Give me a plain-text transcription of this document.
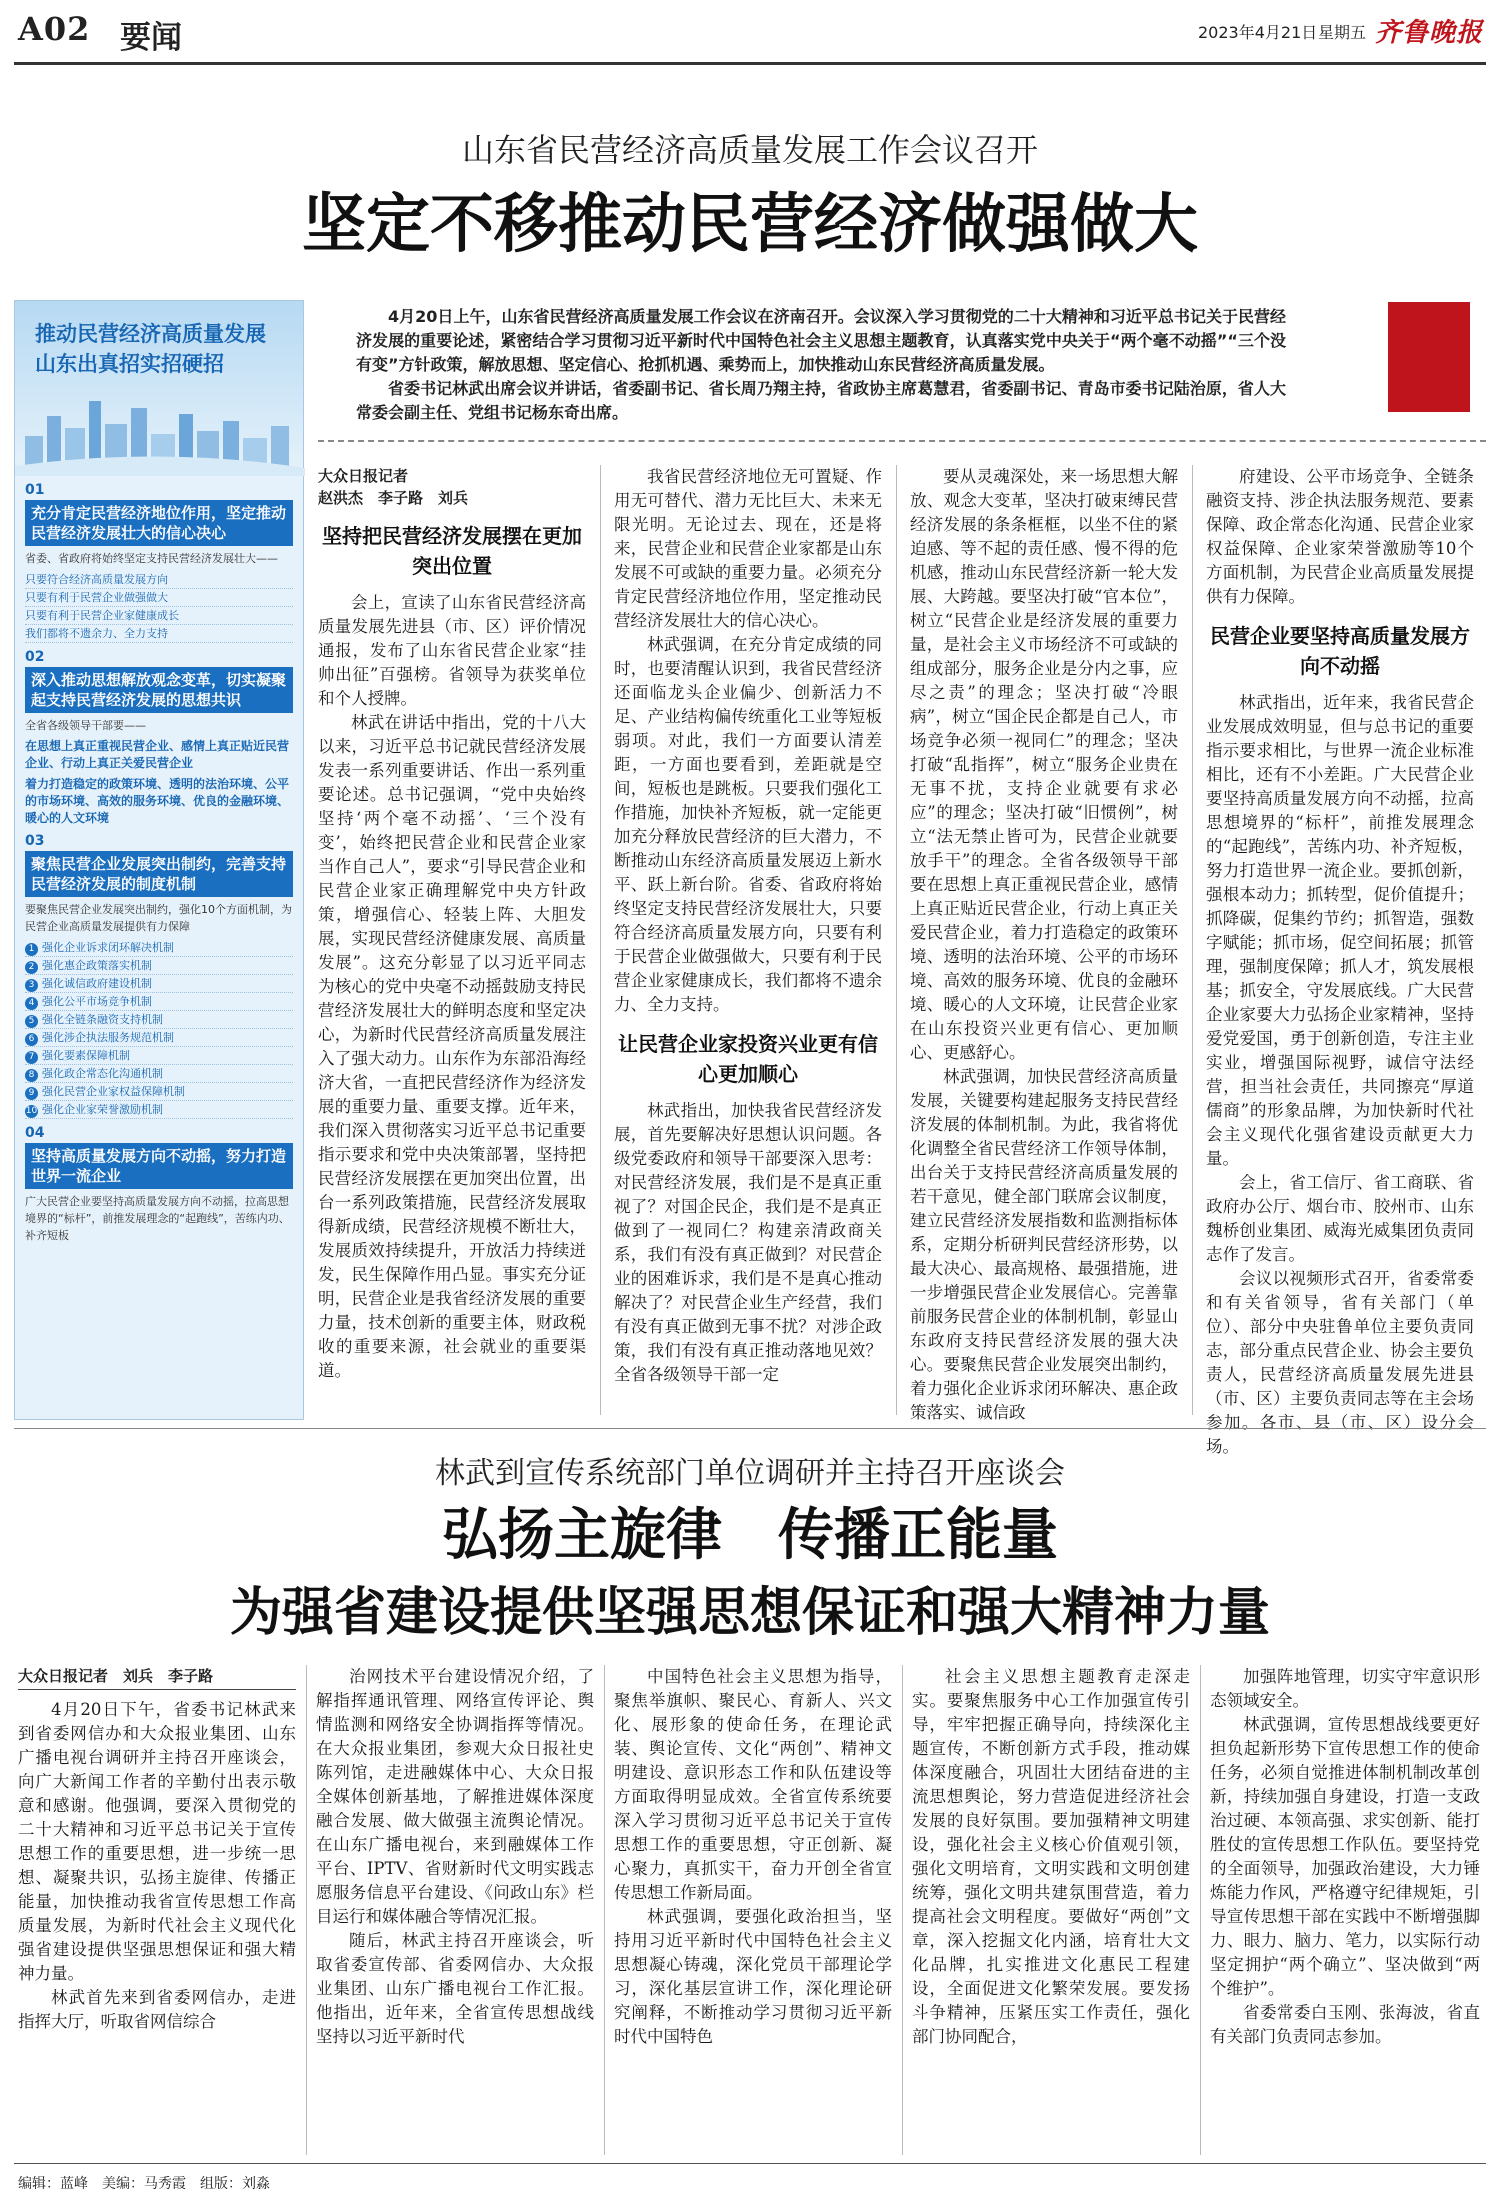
A02 要闻	2023年4月21日 星期五 齐鲁晚报
山东省民营经济高质量发展工作会议召开
坚定不移推动民营经济做强做大

4月20日上午，山东省民营经济高质量发展工作会议在济南召开。会议深入学习贯彻党的二十大精神和习近平总书记关于民营经济发展的重要论述，紧密结合学习贯彻习近平新时代中国特色社会主义思想主题教育，认真落实党中央关于“两个毫不动摇”“三个没有变”方针政策，解放思想、坚定信心、抢抓机遇、乘势而上，加快推动山东民营经济高质量发展。

省委书记林武出席会议并讲话，省委副书记、省长周乃翔主持，省政协主席葛慧君，省委副书记、青岛市委书记陆治原，省人大常委会副主任、党组书记杨东奇出席。

推动民营经济高质量发展
山东出真招实招硬招
01
充分肯定民营经济地位作用，坚定推动民营经济发展壮大的信心决心
省委、省政府将始终坚定支持民营经济发展壮大——
只要符合经济高质量发展方向
只要有利于民营企业做强做大
只要有利于民营企业家健康成长
我们都将不遗余力、全力支持
02
深入推动思想解放观念变革，切实凝聚起支持民营经济发展的思想共识
全省各级领导干部要——
在思想上真正重视民营企业、感情上真正贴近民营企业、行动上真正关爱民营企业
着力打造稳定的政策环境、透明的法治环境、公平的市场环境、高效的服务环境、优良的金融环境、暖心的人文环境
03
聚焦民营企业发展突出制约，完善支持民营经济发展的制度机制
要聚焦民营企业发展突出制约，强化10个方面机制，为民营企业高质量发展提供有力保障
1 强化企业诉求闭环解决机制
2 强化惠企政策落实机制
3 强化诚信政府建设机制
4 强化公平市场竞争机制
5 强化全链条融资支持机制
6 强化涉企执法服务规范机制
7 强化要素保障机制
8 强化政企常态化沟通机制
9 强化民营企业家权益保障机制
10 强化企业家荣誉激励机制
04
坚持高质量发展方向不动摇，努力打造世界一流企业
广大民营企业要坚持高质量发展方向不动摇，拉高思想境界的“标杆”，前推发展理念的“起跑线”，苦练内功、补齐短板
大众日报记者
赵洪杰　李子路　刘兵
坚持把民营经济发展摆在更加突出位置

会上，宣读了山东省民营经济高质量发展先进县（市、区）评价情况通报，发布了山东省民营企业家“挂帅出征”百强榜。省领导为获奖单位和个人授牌。

林武在讲话中指出，党的十八大以来，习近平总书记就民营经济发展发表一系列重要讲话、作出一系列重要论述。总书记强调，“党中央始终坚持‘两个毫不动摇’、‘三个没有变’，始终把民营企业和民营企业家当作自己人”，要求“引导民营企业和民营企业家正确理解党中央方针政策，增强信心、轻装上阵、大胆发展，实现民营经济健康发展、高质量发展”。这充分彰显了以习近平同志为核心的党中央毫不动摇鼓励支持民营经济发展壮大的鲜明态度和坚定决心，为新时代民营经济高质量发展注入了强大动力。山东作为东部沿海经济大省，一直把民营经济作为经济发展的重要力量、重要支撑。近年来，我们深入贯彻落实习近平总书记重要指示要求和党中央决策部署，坚持把民营经济发展摆在更加突出位置，出台一系列政策措施，民营经济发展取得新成绩，民营经济规模不断壮大，发展质效持续提升，开放活力持续迸发，民生保障作用凸显。事实充分证明，民营企业是我省经济发展的重要力量，技术创新的重要主体，财政税收的重要来源，社会就业的重要渠道。

我省民营经济地位无可置疑、作用无可替代、潜力无比巨大、未来无限光明。无论过去、现在，还是将来，民营企业和民营企业家都是山东发展不可或缺的重要力量。必须充分肯定民营经济地位作用，坚定推动民营经济发展壮大的信心决心。

林武强调，在充分肯定成绩的同时，也要清醒认识到，我省民营经济还面临龙头企业偏少、创新活力不足、产业结构偏传统重化工业等短板弱项。对此，我们一方面要认清差距，一方面也要看到，差距就是空间，短板也是跳板。只要我们强化工作措施，加快补齐短板，就一定能更加充分释放民营经济的巨大潜力，不断推动山东经济高质量发展迈上新水平、跃上新台阶。省委、省政府将始终坚定支持民营经济发展壮大，只要符合经济高质量发展方向，只要有利于民营企业做强做大，只要有利于民营企业家健康成长，我们都将不遗余力、全力支持。

让民营企业家投资兴业更有信心更加顺心

林武指出，加快我省民营经济发展，首先要解决好思想认识问题。各级党委政府和领导干部要深入思考：对民营经济发展，我们是不是真正重视了？对国企民企，我们是不是真正做到了一视同仁？构建亲清政商关系，我们有没有真正做到？对民营企业的困难诉求，我们是不是真心推动解决了？对民营企业生产经营，我们有没有真正做到无事不扰？对涉企政策，我们有没有真正推动落地见效？全省各级领导干部一定

要从灵魂深处，来一场思想大解放、观念大变革，坚决打破束缚民营经济发展的条条框框，以坐不住的紧迫感、等不起的责任感、慢不得的危机感，推动山东民营经济新一轮大发展、大跨越。要坚决打破“官本位”，树立“民营企业是经济发展的重要力量，是社会主义市场经济不可或缺的组成部分，服务企业是分内之事，应尽之责”的理念；坚决打破“冷眼病”，树立“国企民企都是自己人，市场竞争必须一视同仁”的理念；坚决打破“乱指挥”，树立“服务企业贵在无事不扰，支持企业就要有求必应”的理念；坚决打破“旧惯例”，树立“法无禁止皆可为，民营企业就要放手干”的理念。全省各级领导干部要在思想上真正重视民营企业，感情上真正贴近民营企业，行动上真正关爱民营企业，着力打造稳定的政策环境、透明的法治环境、公平的市场环境、高效的服务环境、优良的金融环境、暖心的人文环境，让民营企业家在山东投资兴业更有信心、更加顺心、更感舒心。

林武强调，加快民营经济高质量发展，关键要构建起服务支持民营经济发展的体制机制。为此，我省将优化调整全省民营经济工作领导体制，出台关于支持民营经济高质量发展的若干意见，健全部门联席会议制度，建立民营经济发展指数和监测指标体系，定期分析研判民营经济形势，以最大决心、最高规格、最强措施，进一步增强民营企业发展信心。完善靠前服务民营企业的体制机制，彰显山东政府支持民营经济发展的强大决心。要聚焦民营企业发展突出制约，着力强化企业诉求闭环解决、惠企政策落实、诚信政

府建设、公平市场竞争、全链条融资支持、涉企执法服务规范、要素保障、政企常态化沟通、民营企业家权益保障、企业家荣誉激励等10个方面机制，为民营企业高质量发展提供有力保障。

民营企业要坚持高质量发展方向不动摇

林武指出，近年来，我省民营企业发展成效明显，但与总书记的重要指示要求相比，与世界一流企业标准相比，还有不小差距。广大民营企业要坚持高质量发展方向不动摇，拉高思想境界的“标杆”，前推发展理念的“起跑线”，苦练内功、补齐短板，努力打造世界一流企业。要抓创新，强根本动力；抓转型，促价值提升；抓降碳，促集约节约；抓智造，强数字赋能；抓市场，促空间拓展；抓管理，强制度保障；抓人才，筑发展根基；抓安全，守发展底线。广大民营企业家要大力弘扬企业家精神，坚持爱党爱国，勇于创新创造，专注主业实业，增强国际视野，诚信守法经营，担当社会责任，共同擦亮“厚道儒商”的形象品牌，为加快新时代社会主义现代化强省建设贡献更大力量。

会上，省工信厅、省工商联、省政府办公厅、烟台市、胶州市、山东魏桥创业集团、威海光威集团负责同志作了发言。

会议以视频形式召开，省委常委和有关省领导，省有关部门（单位）、部分中央驻鲁单位主要负责同志，部分重点民营企业、协会主要负责人，民营经济高质量发展先进县（市、区）主要负责同志等在主会场参加。各市、县（市、区）设分会场。

林武到宣传系统部门单位调研并主持召开座谈会
弘扬主旋律　传播正能量
为强省建设提供坚强思想保证和强大精神力量
大众日报记者　刘兵　李子路

4月20日下午，省委书记林武来到省委网信办和大众报业集团、山东广播电视台调研并主持召开座谈会，向广大新闻工作者的辛勤付出表示敬意和感谢。他强调，要深入贯彻党的二十大精神和习近平总书记关于宣传思想工作的重要思想，进一步统一思想、凝聚共识，弘扬主旋律、传播正能量，加快推动我省宣传思想工作高质量发展，为新时代社会主义现代化强省建设提供坚强思想保证和强大精神力量。

林武首先来到省委网信办，走进指挥大厅，听取省网信综合

治网技术平台建设情况介绍，了解指挥通讯管理、网络宣传评论、舆情监测和网络安全协调指挥等情况。在大众报业集团，参观大众日报社史陈列馆，走进融媒体中心、大众日报全媒体创新基地，了解推进媒体深度融合发展、做大做强主流舆论情况。在山东广播电视台，来到融媒体工作平台、IPTV、省财新时代文明实践志愿服务信息平台建设、《问政山东》栏目运行和媒体融合等情况汇报。

随后，林武主持召开座谈会，听取省委宣传部、省委网信办、大众报业集团、山东广播电视台工作汇报。他指出，近年来，全省宣传思想战线坚持以习近平新时代

中国特色社会主义思想为指导，聚焦举旗帜、聚民心、育新人、兴文化、展形象的使命任务，在理论武装、舆论宣传、文化“两创”、精神文明建设、意识形态工作和队伍建设等方面取得明显成效。全省宣传系统要深入学习贯彻习近平总书记关于宣传思想工作的重要思想，守正创新、凝心聚力，真抓实干，奋力开创全省宣传思想工作新局面。

林武强调，要强化政治担当，坚持用习近平新时代中国特色社会主义思想凝心铸魂，深化党员干部理论学习，深化基层宣讲工作，深化理论研究阐释，不断推动学习贯彻习近平新时代中国特色

社会主义思想主题教育走深走实。要聚焦服务中心工作加强宣传引导，牢牢把握正确导向，持续深化主题宣传，不断创新方式手段，推动媒体深度融合，巩固壮大团结奋进的主流思想舆论，努力营造促进经济社会发展的良好氛围。要加强精神文明建设，强化社会主义核心价值观引领，强化文明培育，文明实践和文明创建统筹，强化文明共建氛围营造，着力提高社会文明程度。要做好“两创”文章，深入挖掘文化内涵，培育壮大文化品牌，扎实推进文化惠民工程建设，全面促进文化繁荣发展。要发扬斗争精神，压紧压实工作责任，强化部门协同配合，

加强阵地管理，切实守牢意识形态领域安全。

林武强调，宣传思想战线要更好担负起新形势下宣传思想工作的使命任务，必须自觉推进体制机制改革创新，持续加强自身建设，打造一支政治过硬、本领高强、求实创新、能打胜仗的宣传思想工作队伍。要坚持党的全面领导，加强政治建设，大力锤炼能力作风，严格遵守纪律规矩，引导宣传思想干部在实践中不断增强脚力、眼力、脑力、笔力，以实际行动坚定拥护“两个确立”、坚决做到“两个维护”。

省委常委白玉刚、张海波，省直有关部门负责同志参加。

编辑：蓝峰　美编：马秀霞　组版：刘淼
